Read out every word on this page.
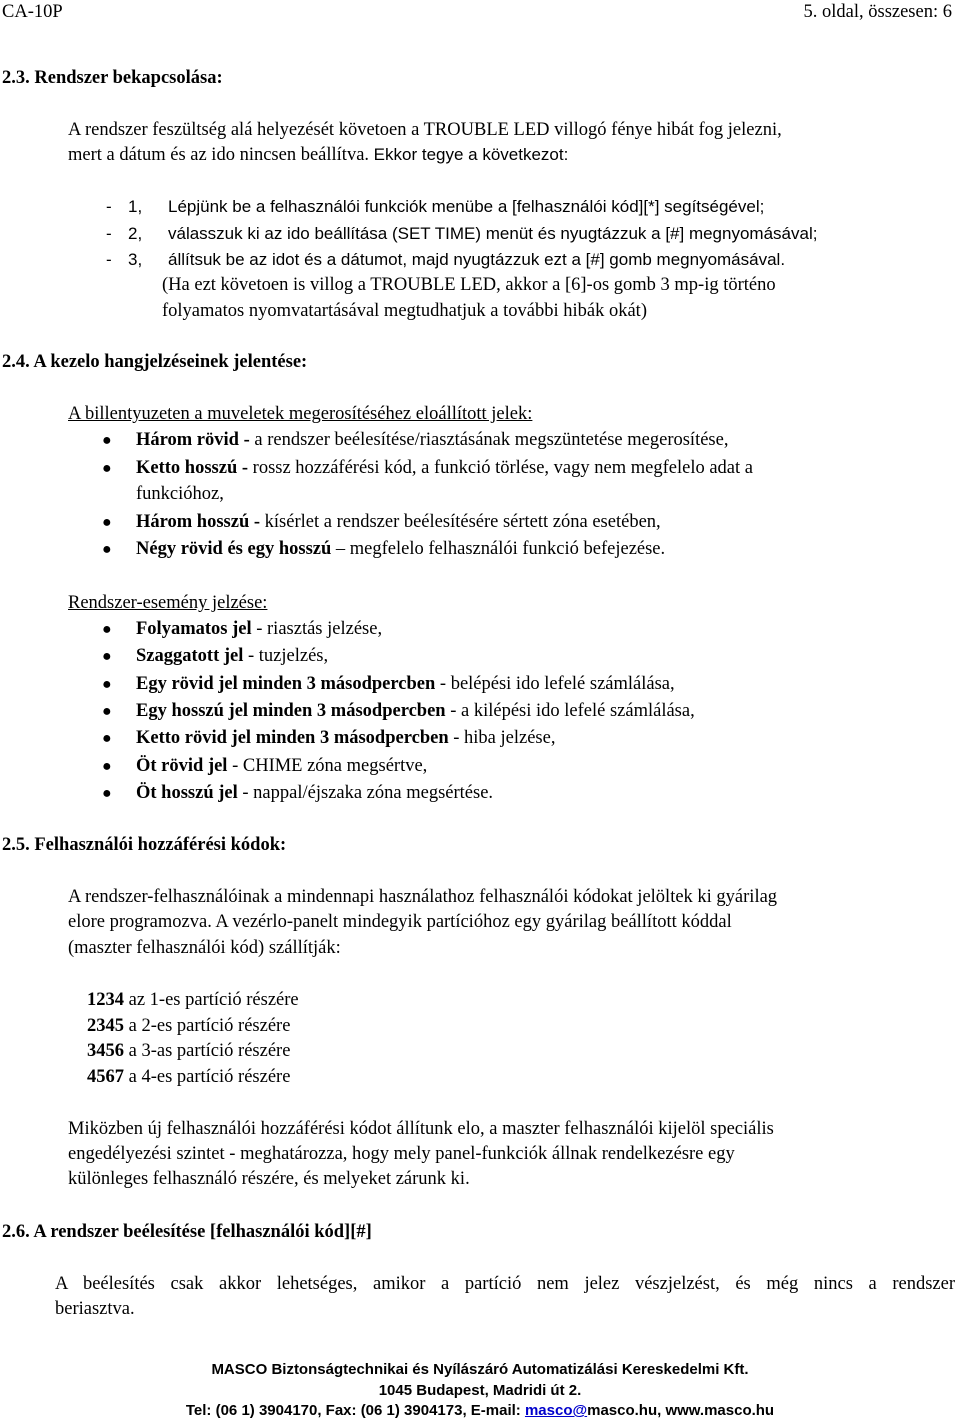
CA-10P	5. oldal, összesen: 6
2.3. Rendszer bekapcsolása:
A rendszer feszültség alá helyezését követoen a TROUBLE LED villogó fénye hibát fog jelezni,
mert a dátum és az ido nincsen beállítva. Ekkor tegye a következot:
- 1, Lépjünk be a felhasználói funkciók menübe a [felhasználói kód][*] segítségével;
- 2, válasszuk ki az ido beállítása (SET TIME) menüt és nyugtázzuk a [#] megnyomásával;
- 3, állítsuk be az idot és a dátumot, majd nyugtázzuk ezt a [#] gomb megnyomásával.
(Ha ezt követoen is villog a TROUBLE LED, akkor a [6]-os gomb 3 mp-ig történo
folyamatos nyomvatartásával megtudhatjuk a további hibák okát)
2.4. A kezelo hangjelzéseinek jelentése:
A billentyuzeten a muveletek megerosítéséhez eloállított jelek:
● Három rövid - a rendszer beélesítése/riasztásának megszüntetése megerosítése,
● Ketto hosszú - rossz hozzáférési kód, a funkció törlése, vagy nem megfelelo adat a
funkcióhoz,
● Három hosszú - kísérlet a rendszer beélesítésére sértett zóna esetében,
● Négy rövid és egy hosszú – megfelelo felhasználói funkció befejezése.
Rendszer-esemény jelzése:
● Folyamatos jel - riasztás jelzése,
● Szaggatott jel - tuzjelzés,
● Egy rövid jel minden 3 másodpercben - belépési ido lefelé számlálása,
● Egy hosszú jel minden 3 másodpercben - a kilépési ido lefelé számlálása,
● Ketto rövid jel minden 3 másodpercben - hiba jelzése,
● Öt rövid jel - CHIME zóna megsértve,
● Öt hosszú jel - nappal/éjszaka zóna megsértése.
2.5. Felhasználói hozzáférési kódok:
A rendszer-felhasználóinak a mindennapi használathoz felhasználói kódokat jelöltek ki gyárilag
elore programozva. A vezérlo-panelt mindegyik partícióhoz egy gyárilag beállított kóddal
(maszter felhasználói kód) szállítják:
1234 az 1-es partíció részére
2345 a 2-es partíció részére
3456 a 3-as partíció részére
4567 a 4-es partíció részére
Miközben új felhasználói hozzáférési kódot állítunk elo, a maszter felhasználói kijelöl speciális
engedélyezési szintet - meghatározza, hogy mely panel-funkciók állnak rendelkezésre egy
különleges felhasználó részére, és melyeket zárunk ki.
2.6. A rendszer beélesítése [felhasználói kód][#]
A beélesítés csak akkor lehetséges, amikor a partíció nem jelez vészjelzést, és még nincs a rendszer
beriasztva.
MASCO Biztonságtechnikai és Nyílászáró Automatizálási Kereskedelmi Kft.
1045 Budapest, Madridi út 2.
Tel: (06 1) 3904170, Fax: (06 1) 3904173, E-mail: masco@masco.hu, www.masco.hu
